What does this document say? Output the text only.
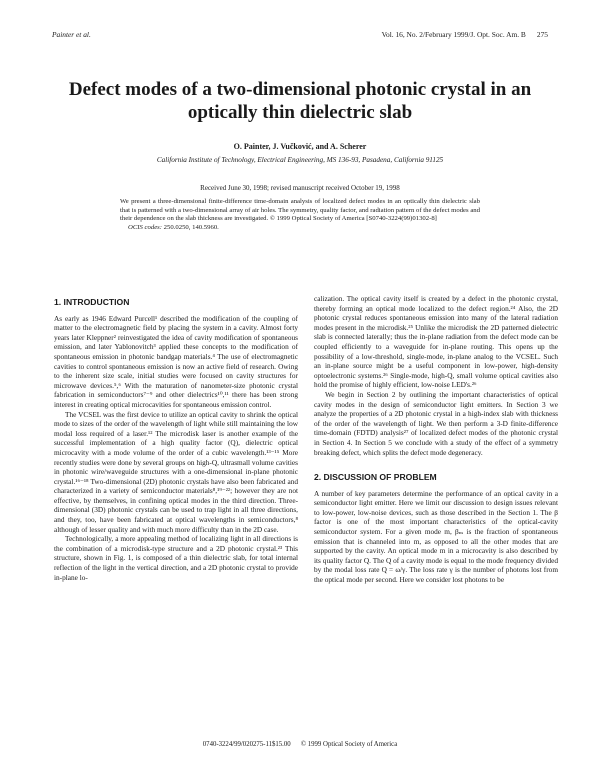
Painter et al.	Vol. 16, No. 2/February 1999/J. Opt. Soc. Am. B      275
Defect modes of a two-dimensional photonic crystal in an optically thin dielectric slab
O. Painter, J. Vučković, and A. Scherer
California Institute of Technology, Electrical Engineering, MS 136-93, Pasadena, California 91125
Received June 30, 1998; revised manuscript received October 19, 1998
We present a three-dimensional finite-difference time-domain analysis of localized defect modes in an optically thin dielectric slab that is patterned with a two-dimensional array of air holes. The symmetry, quality factor, and radiation pattern of the defect modes and their dependence on the slab thickness are investigated. © 1999 Optical Society of America [S0740-3224(99)01302-8]
OCIS codes: 250.0250, 140.5960.
1. INTRODUCTION

As early as 1946 Edward Purcell¹ described the modification of the coupling of matter to the electromagnetic field by placing the system in a cavity. Almost forty years later Kleppner² reinvestigated the idea of cavity modification of spontaneous emission, and later Yablonovitch³ applied these concepts to the modification of spontaneous emission in photonic bandgap materials.⁴ The use of electromagnetic cavities to control spontaneous emission is now an active field of research. Owing to the inherent size scale, initial studies were focused on cavity structures for microwave devices.⁵,⁶ With the maturation of nanometer-size photonic crystal fabrication in semiconductors⁷⁻⁹ and other dielectrics¹⁰,¹¹ there has been strong interest in creating optical microcavities for spontaneous emission control.

The VCSEL was the first device to utilize an optical cavity to shrink the optical mode to sizes of the order of the wavelength of light while still maintaining the low modal loss required of a laser.¹² The microdisk laser is another example of the successful implementation of a high quality factor (Q), dielectric optical microcavity with a mode volume of the order of a cubic wavelength.¹³⁻¹⁵ More recently studies were done by several groups on high-Q, ultrasmall volume cavities in photonic wire/waveguide structures with a one-dimensional in-plane photonic crystal.¹⁶⁻¹⁸ Two-dimensional (2D) photonic crystals have also been fabricated and characterized in a variety of semiconductor materials⁸,¹⁹⁻²²; however they are not effective, by themselves, in confining optical modes in the third direction. Three-dimensional (3D) photonic crystals can be used to trap light in all three directions, and they, too, have been fabricated at optical wavelengths in semiconductors,⁸ although of lesser quality and with much more difficulty than in the 2D case.

Technologically, a more appealing method of localizing light in all directions is the combination of a microdisk-type structure and a 2D photonic crystal.²³ This structure, shown in Fig. 1, is composed of a thin dielectric slab, for total internal reflection of the light in the vertical direction, and a 2D photonic crystal to provide in-plane lo-

calization. The optical cavity itself is created by a defect in the photonic crystal, thereby forming an optical mode localized to the defect region.²⁴ Also, the 2D photonic crystal reduces spontaneous emission into many of the lateral radiation modes present in the microdisk.²⁵ Unlike the microdisk the 2D patterned dielectric slab is connected laterally; thus the in-plane radiation from the defect mode can be coupled efficiently to a waveguide for in-plane routing. This opens up the possibility of a low-threshold, single-mode, in-plane analog to the VCSEL. Such an in-plane source might be a useful component in low-power, high-density optoelectronic systems.²⁶ Single-mode, high-Q, small volume optical cavities also hold the promise of highly efficient, low-noise LED's.²⁶

We begin in Section 2 by outlining the important characteristics of optical cavity modes in the design of semiconductor light emitters. In Section 3 we analyze the properties of a 2D photonic crystal in a high-index slab with thickness of the order of the wavelength of light. We then perform a 3-D finite-difference time-domain (FDTD) analysis²⁷ of localized defect modes of the photonic crystal in Section 4. In Section 5 we conclude with a study of the effect of a symmetry breaking defect, which splits the defect mode degeneracy.

2. DISCUSSION OF PROBLEM

A number of key parameters determine the performance of an optical cavity in a semiconductor light emitter. Here we limit our discussion to design issues relevant to low-power, low-noise devices, such as those described in the Section 1. The β factor is one of the most important characteristics of the optical-cavity semiconductor system. For a given mode m, βₘ is the fraction of spontaneous emission that is channeled into m, as opposed to all the other modes that are supported by the cavity. An optical mode m in a microcavity is also described by its quality factor Q. The Q of a cavity mode is equal to the mode frequency divided by the modal loss rate Q = ω/γ. The loss rate γ is the number of photons lost from the optical mode per second. Here we consider lost photons to be

0740-3224/99/020275-11$15.00      © 1999 Optical Society of America
